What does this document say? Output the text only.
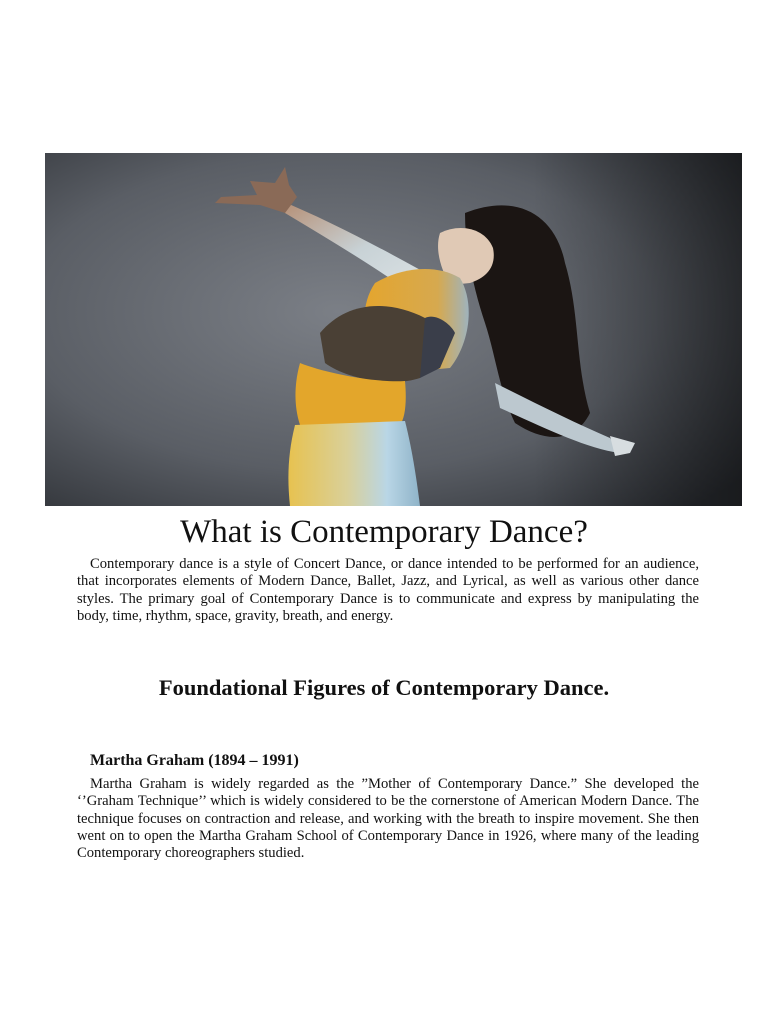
What is Contemporary Dance?

Contemporary dance is a style of Concert Dance, or dance intended to be performed for an audience, that incorporates elements of Modern Dance, Ballet, Jazz, and Lyrical, as well as various other dance styles. The primary goal of Contemporary Dance is to communicate and express by manipulating the body, time, rhythm, space, gravity, breath, and energy.

Foundational Figures of Contemporary Dance.
Martha Graham (1894 – 1991)

Martha Graham is widely regarded as the ”Mother of Contemporary Dance.” She developed the ‘’Graham Technique’’ which is widely considered to be the cornerstone of American Modern Dance. The technique focuses on contraction and release, and working with the breath to inspire movement. She then went on to open the Martha Graham School of Contemporary Dance in 1926, where many of the leading Contemporary choreographers studied.
